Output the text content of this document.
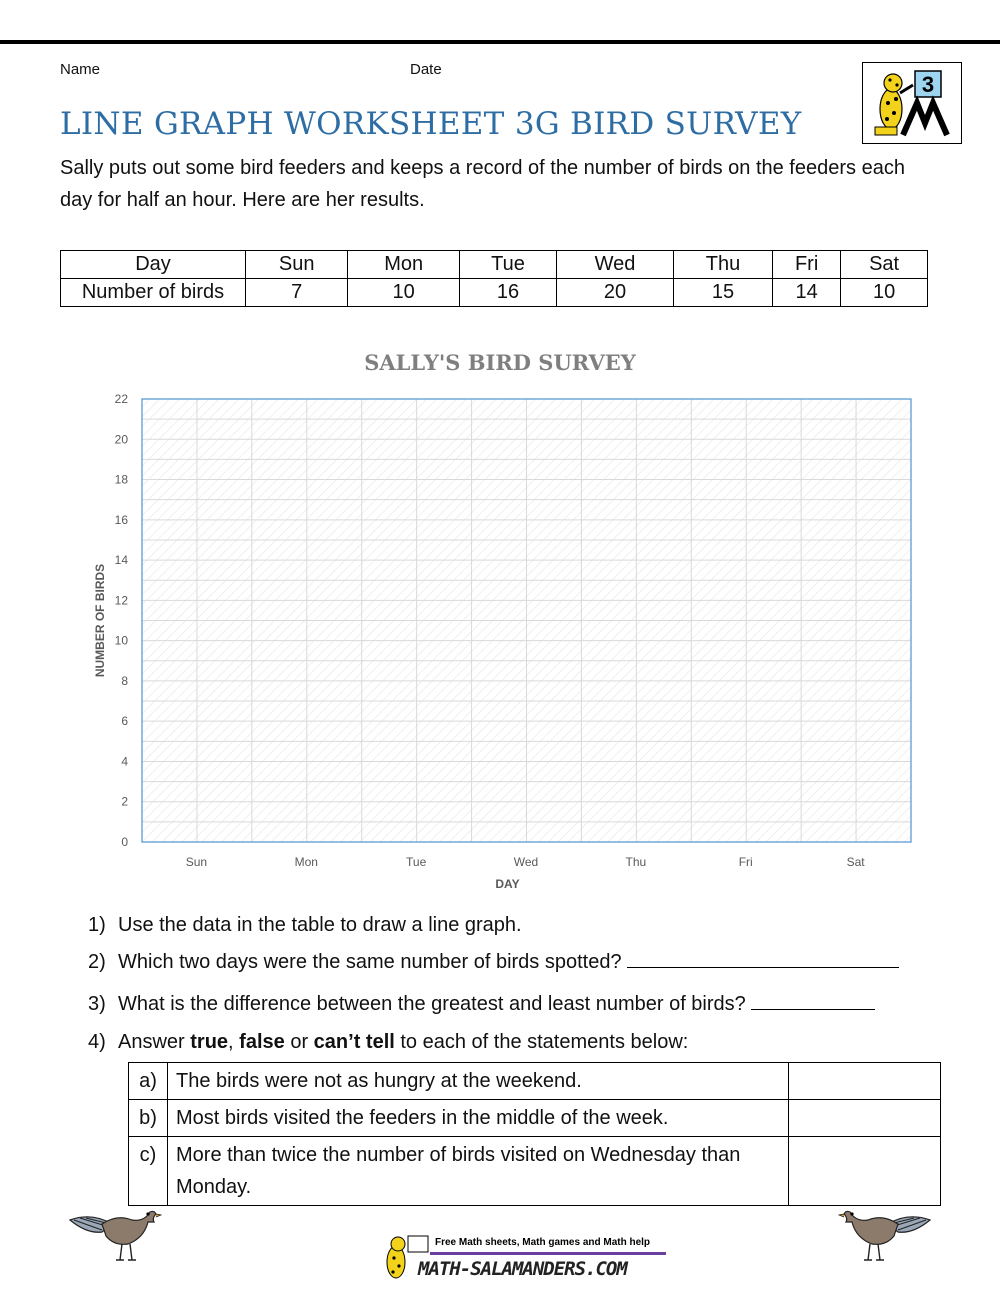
Name	Date
3
LINE GRAPH WORKSHEET 3G BIRD SURVEY

Sally puts out some bird feeders and keeps a record of the number of birds on the feeders each day for half an hour. Here are her results.

Day	Sun	Mon	Tue	Wed	Thu	Fri	Sat
Number of birds	7	10	16	20	15	14	10
SALLY'S BIRD SURVEY
0
2
4
6
8
10
12
14
16
18
20
22
Sun	Mon	Tue	Wed	Thu	Fri	Sat
NUMBER OF BIRDS
DAY
1) Use the data in the table to draw a line graph.
2) Which two days were the same number of birds spotted?
3) What is the difference between the greatest and least number of birds?
4) Answer true, false or can’t tell to each of the statements below:
a)	The birds were not as hungry at the weekend.	
b)	Most birds visited the feeders in the middle of the week.	
c)	More than twice the number of birds visited on Wednesday than Monday.	
Free Math sheets, Math games and Math help
MATH-SALAMANDERS.COM
